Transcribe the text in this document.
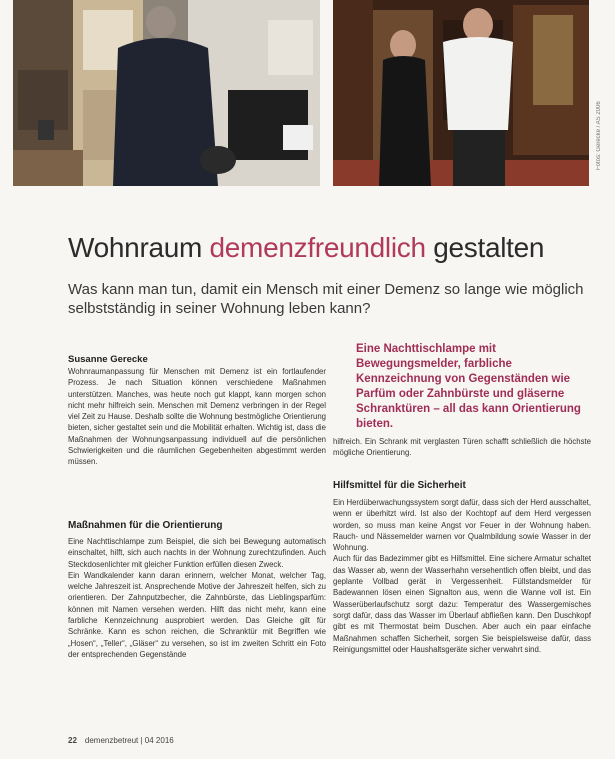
Fotos: Gerecke / AS 2006
Wohnraum demenzfreundlich gestalten
Was kann man tun, damit ein Mensch mit einer Demenz so lange wie möglich selbstständig in seiner Wohnung leben kann?
Susanne Gerecke
Eine Nachttischlampe mit Bewegungsmelder, farbliche Kennzeichnung von Gegenständen wie Parfüm oder Zahnbürste und gläserne Schranktüren – all das kann Orientierung bieten.
Wohnraumanpassung für Menschen mit Demenz ist ein fortlaufender Prozess. Je nach Situation können verschiedene Maßnahmen unterstützen. Manches, was heute noch gut klappt, kann morgen schon nicht mehr hilfreich sein. Menschen mit Demenz verbringen in der Regel viel Zeit zu Hause. Deshalb sollte die Wohnung bestmögliche Orientierung bieten, sicher gestaltet sein und die Mobilität erhalten. Wichtig ist, dass die Maßnahmen der Wohnungsanpassung individuell auf die persönlichen Schwierigkeiten und die räumlichen Gegebenheiten abgestimmt werden müssen.
Maßnahmen für die Orientierung
Eine Nachttischlampe zum Beispiel, die sich bei Bewegung automatisch einschaltet, hilft, sich auch nachts in der Wohnung zurechtzufinden. Auch Steckdosenlichter mit gleicher Funktion erfüllen diesen Zweck.
Ein Wandkalender kann daran erinnern, welcher Monat, welcher Tag, welche Jahreszeit ist. Ansprechende Motive der Jahreszeit helfen, sich zu orientieren. Der Zahnputzbecher, die Zahnbürste, das Lieblingsparfüm: können mit Namen versehen werden. Hilft das nicht mehr, kann eine farbliche Kennzeichnung ausprobiert werden. Das Gleiche gilt für Schränke. Kann es schon reichen, die Schranktür mit Begriffen wie „Hosen“, „Teller“, „Gläser“ zu versehen, so ist im zweiten Schritt ein Foto der entsprechenden Gegenstände
hilfreich. Ein Schrank mit verglasten Türen schafft schließlich die höchste mögliche Orientierung.
Hilfsmittel für die Sicherheit
Ein Herdüberwachungssystem sorgt dafür, dass sich der Herd ausschaltet, wenn er überhitzt wird. Ist also der Kochtopf auf dem Herd vergessen worden, so muss man keine Angst vor Feuer in der Wohnung haben. Rauch- und Nässemelder warnen vor Qualmbildung sowie Wasser in der Wohnung.
Auch für das Badezimmer gibt es Hilfsmittel. Eine sichere Armatur schaltet das Wasser ab, wenn der Wasserhahn versehentlich offen bleibt, und das geplante Vollbad gerät in Vergessenheit. Füllstandsmelder für Badewannen lösen einen Signalton aus, wenn die Wanne voll ist. Ein Wasserüberlaufschutz sorgt dazu: Temperatur des Wassergemisches sorgt dafür, dass das Wasser im Überlauf abfließen kann. Den Duschkopf gibt es mit Thermostat beim Duschen. Aber auch ein paar einfache Maßnahmen schaffen Sicherheit, sorgen Sie beispielsweise dafür, dass Reinigungsmittel oder Haushaltsgeräte sicher verwahrt sind.
22 demenzbetreut | 04 2016
